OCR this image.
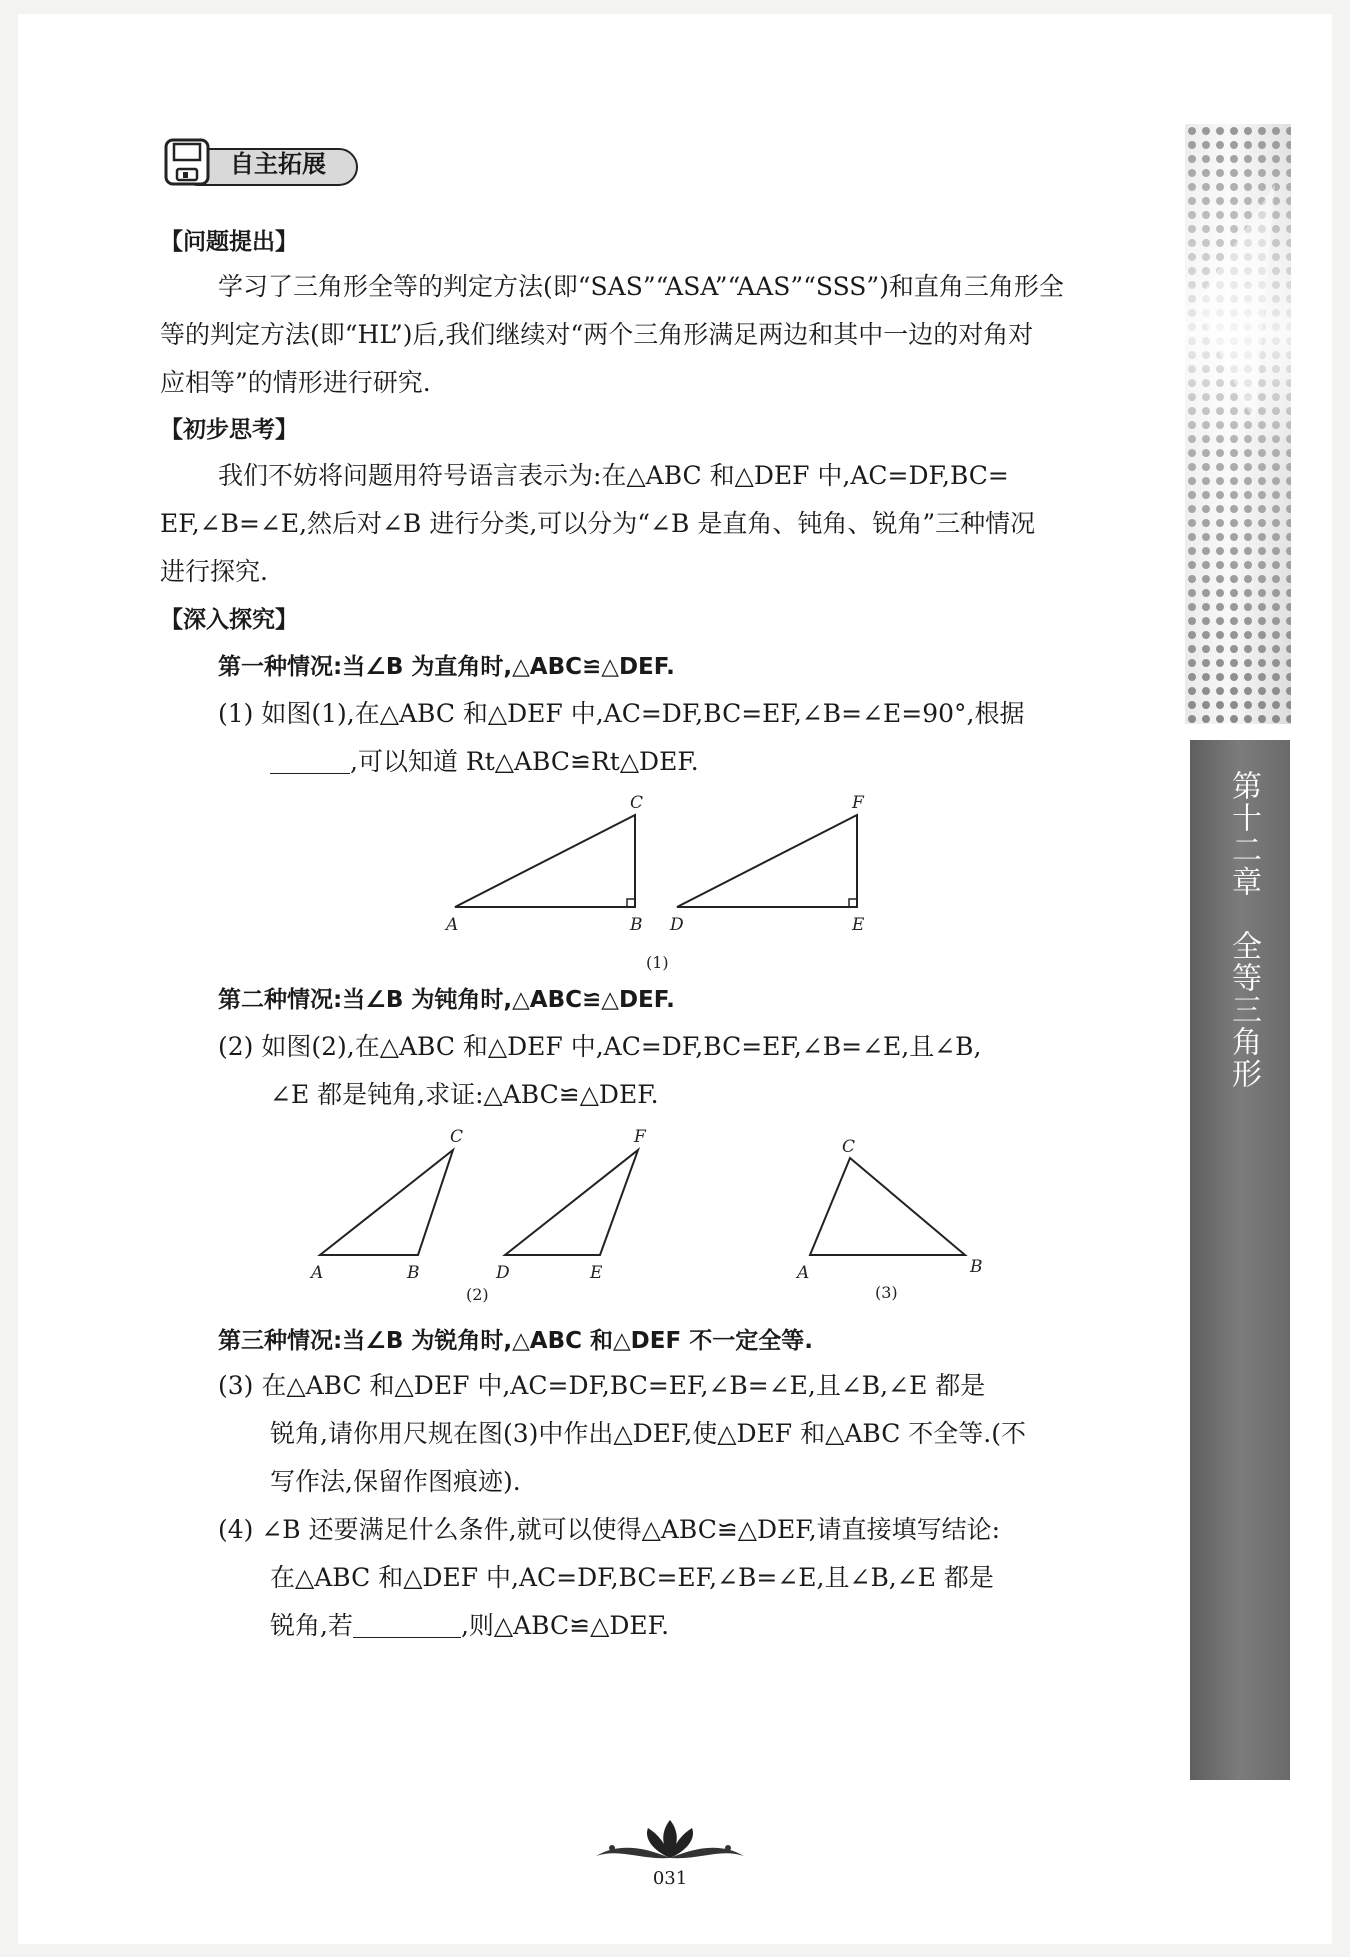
自主拓展
第十二章　全等三角形
【问题提出】
学习了三角形全等的判定方法(即“SAS”“ASA”“AAS”“SSS”)和直角三角形全
等的判定方法(即“HL”)后,我们继续对“两个三角形满足两边和其中一边的对角对
应相等”的情形进行研究.
【初步思考】
我们不妨将问题用符号语言表示为:在△ABC 和△DEF 中,AC=DF,BC=
EF,∠B=∠E,然后对∠B 进行分类,可以分为“∠B 是直角、钝角、锐角”三种情况
进行探究.
【深入探究】
第一种情况:当∠B 为直角时,△ABC≌△DEF.
(1) 如图(1),在△ABC 和△DEF 中,AC=DF,BC=EF,∠B=∠E=90°,根据
,可以知道 Rt△ABC≌Rt△DEF.
A	B
C
D	E
F
(1)
第二种情况:当∠B 为钝角时,△ABC≌△DEF.
(2) 如图(2),在△ABC 和△DEF 中,AC=DF,BC=EF,∠B=∠E,且∠B,
∠E 都是钝角,求证:△ABC≌△DEF.
A	B
C
D	E
F
(2)
A	B
C
(3)
第三种情况:当∠B 为锐角时,△ABC 和△DEF 不一定全等.
(3) 在△ABC 和△DEF 中,AC=DF,BC=EF,∠B=∠E,且∠B,∠E 都是
锐角,请你用尺规在图(3)中作出△DEF,使△DEF 和△ABC 不全等.(不
写作法,保留作图痕迹).
(4) ∠B 还要满足什么条件,就可以使得△ABC≌△DEF,请直接填写结论:
在△ABC 和△DEF 中,AC=DF,BC=EF,∠B=∠E,且∠B,∠E 都是
锐角,若	,则△ABC≌△DEF.
031
